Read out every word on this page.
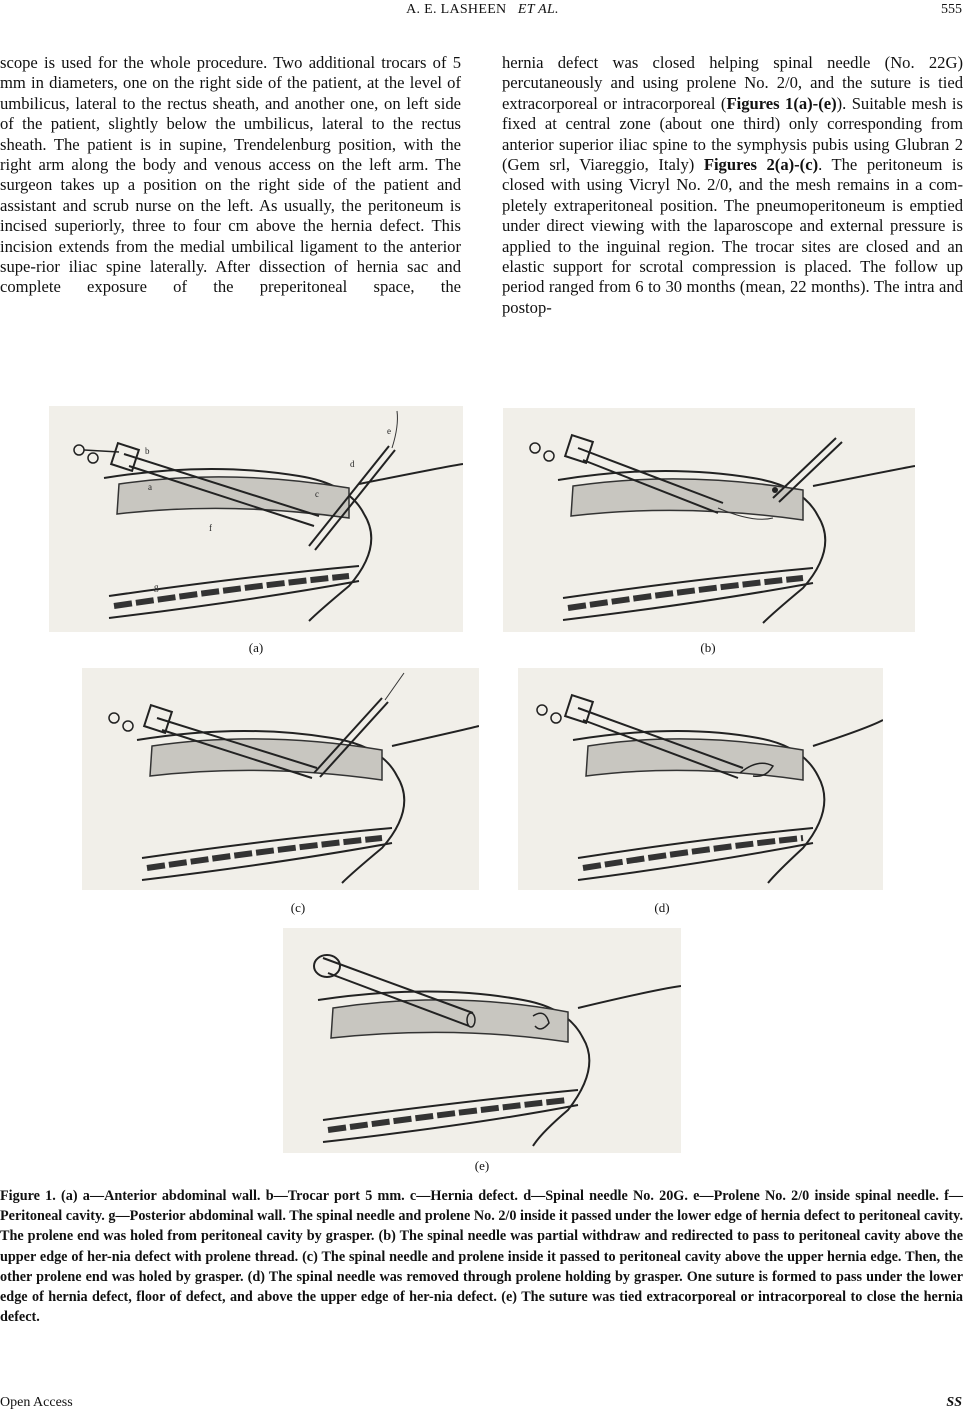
A. E. LASHEEN ET AL.	555

scope is used for the whole procedure. Two additional trocars of 5 mm in diameters, one on the right side of the patient, at the level of umbilicus, lateral to the rectus sheath, and another one, on left side of the patient, slightly below the umbilicus, lateral to the rectus sheath. The patient is in supine, Trendelenburg position, with the right arm along the body and venous access on the left arm. The surgeon takes up a position on the right side of the patient and assistant and scrub nurse on the left. As usually, the peritoneum is incised superiorly, three to four cm above the hernia defect. This incision extends from the medial umbilical ligament to the anterior supe-rior iliac spine laterally. After dissection of hernia sac and complete exposure of the preperitoneal space, the

hernia defect was closed helping spinal needle (No. 22G) percutaneously and using prolene No. 2/0, and the suture is tied extracorporeal or intracorporeal (Figures 1(a)-(e)). Suitable mesh is fixed at central zone (about one third) only corresponding from anterior superior iliac spine to the symphysis pubis using Glubran 2 (Gem srl, Viareggio, Italy) Figures 2(a)-(c). The peritoneum is closed with using Vicryl No. 2/0, and the mesh remains in a com-pletely extraperitoneal position. The pneumoperitoneum is emptied under direct viewing with the laparoscope and external pressure is applied to the inguinal region. The trocar sites are closed and an elastic support for scrotal compression is placed. The follow up period ranged from 6 to 30 months (mean, 22 months). The intra and postop-

b
a
c
d
e
f
g
(a)	(b)
(c)	(d)
(e)
Figure 1. (a) a—Anterior abdominal wall. b—Trocar port 5 mm. c—Hernia defect. d—Spinal needle No. 20G. e—Prolene No. 2/0 inside spinal needle. f—Peritoneal cavity. g—Posterior abdominal wall. The spinal needle and prolene No. 2/0 inside it passed under the lower edge of hernia defect to peritoneal cavity. The prolene end was holed from peritoneal cavity by grasper. (b) The spinal needle was partial withdraw and redirected to pass to peritoneal cavity above the upper edge of her-nia defect with prolene thread. (c) The spinal needle and prolene inside it passed to peritoneal cavity above the upper hernia edge. Then, the other prolene end was holed by grasper. (d) The spinal needle was removed through prolene holding by grasper. One suture is formed to pass under the lower edge of hernia defect, floor of defect, and above the upper edge of her-nia defect. (e) The suture was tied extracorporeal or intracorporeal to close the hernia defect.
Open Access	SS
